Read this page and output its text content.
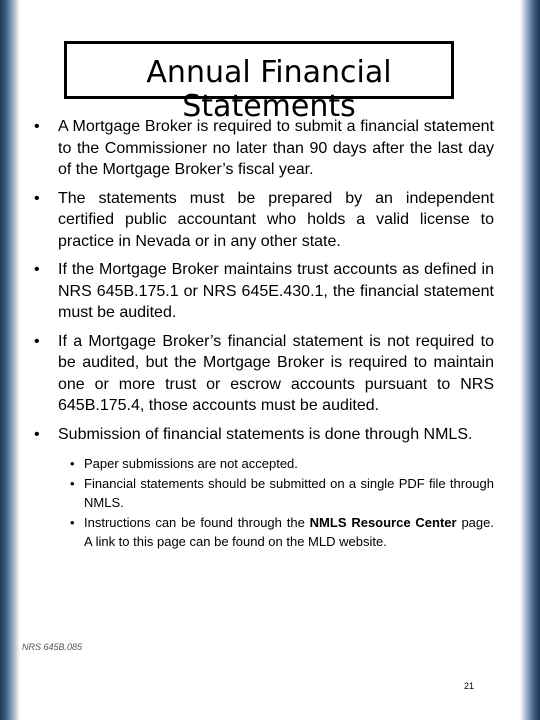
Annual Financial Statements
• A Mortgage Broker is required to submit a financial statement to the Commissioner no later than 90 days after the last day of the Mortgage Broker’s fiscal year.
• The statements must be prepared by an independent certified public accountant who holds a valid license to practice in Nevada or in any other state.
• If the Mortgage Broker maintains trust accounts as defined in NRS 645B.175.1 or NRS 645E.430.1, the financial statement must be audited.
• If a Mortgage Broker’s financial statement is not required to be audited, but the Mortgage Broker is required to maintain one or more trust or escrow accounts pursuant to NRS 645B.175.4, those accounts must be audited.
• Submission of financial statements is done through NMLS.
• Paper submissions are not accepted.
• Financial statements should be submitted on a single PDF file through NMLS.
• Instructions can be found through the NMLS Resource Center page. A link to this page can be found on the MLD website.
NRS 645B.085
21
